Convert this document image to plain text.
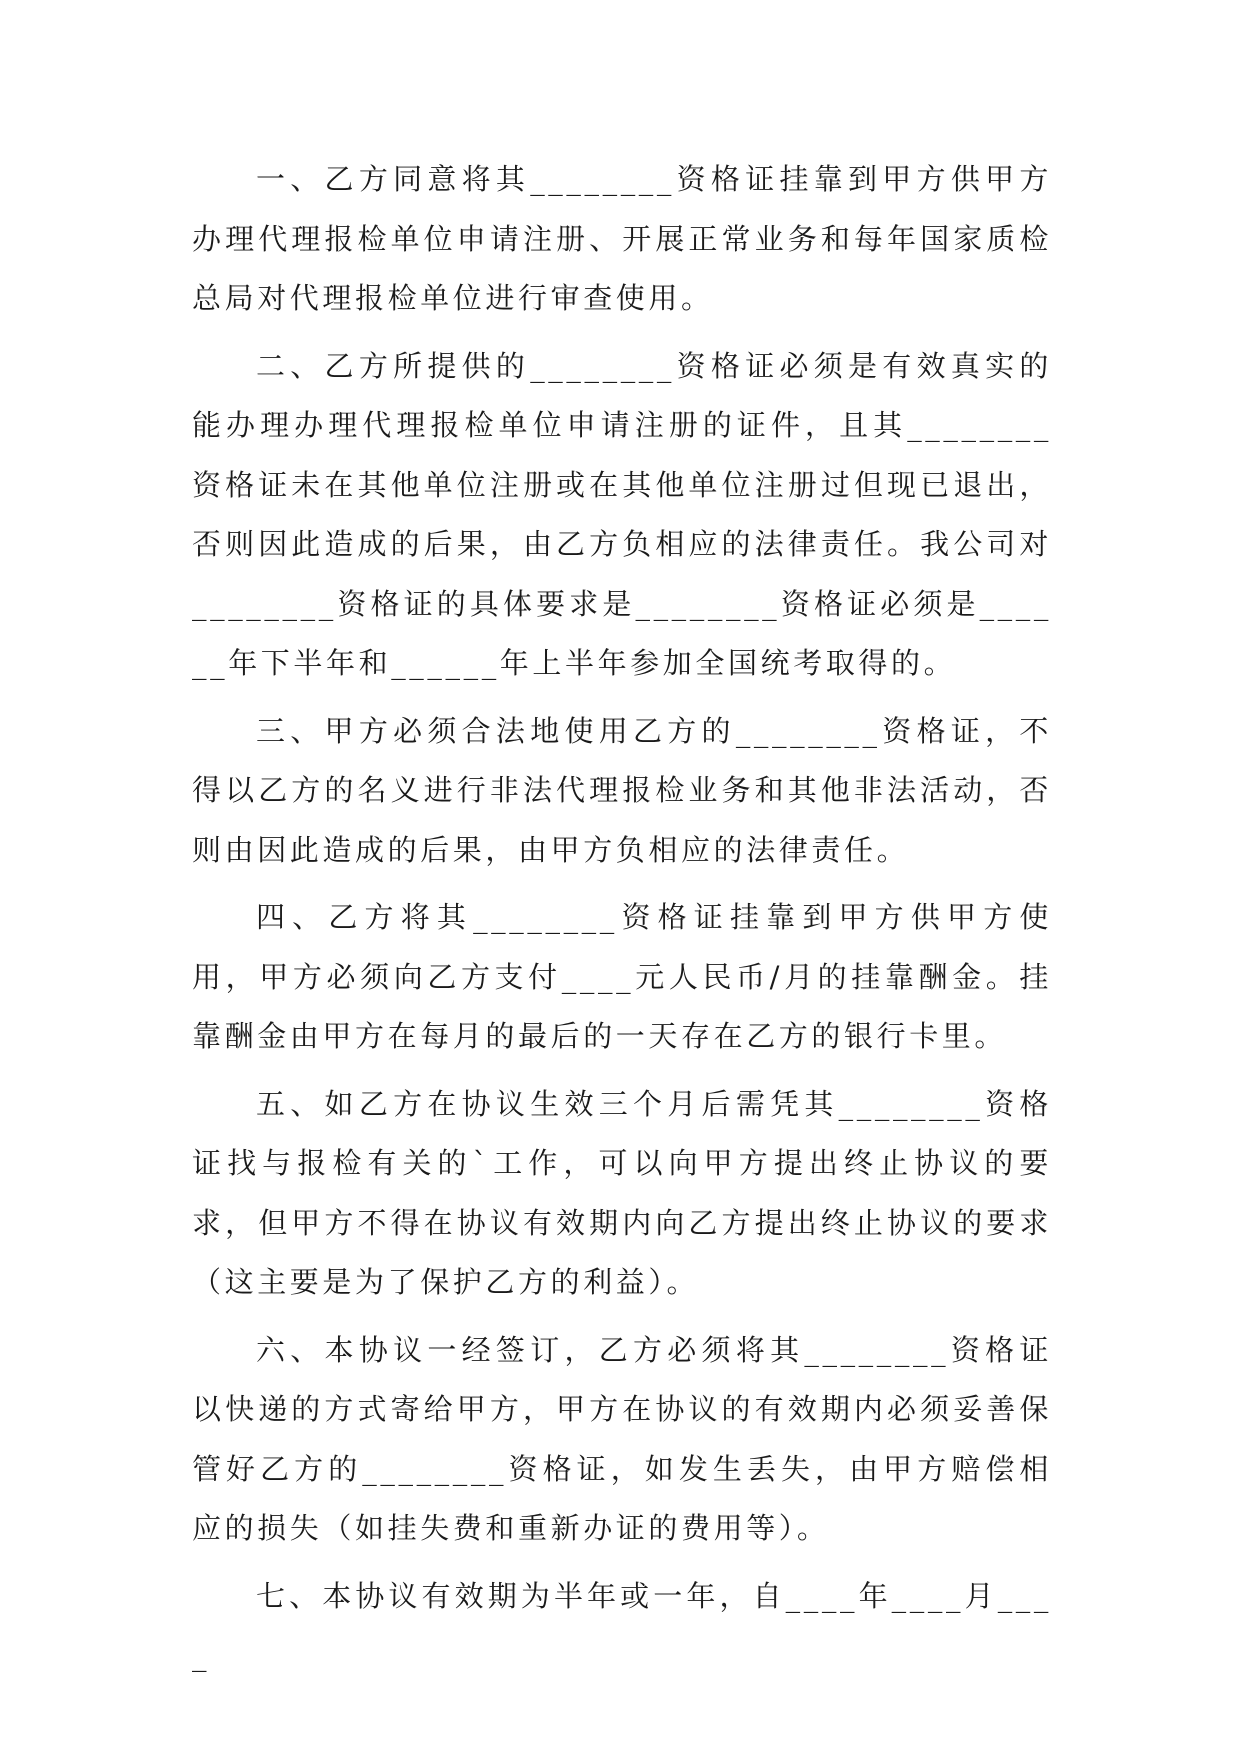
一、乙方同意将其________资格证挂靠到甲方供甲方办理代理报检单位申请注册、开展正常业务和每年国家质检总局对代理报检单位进行审查使用。

二、乙方所提供的________资格证必须是有效真实的能办理办理代理报检单位申请注册的证件，且其________资格证未在其他单位注册或在其他单位注册过但现已退出，否则因此造成的后果，由乙方负相应的法律责任。我公司对________资格证的具体要求是________资格证必须是______年下半年和______年上半年参加全国统考取得的。

三、甲方必须合法地使用乙方的________资格证，不得以乙方的名义进行非法代理报检业务和其他非法活动，否则由因此造成的后果，由甲方负相应的法律责任。

四、乙方将其________资格证挂靠到甲方供甲方使用，甲方必须向乙方支付____元人民币/月的挂靠酬金。挂靠酬金由甲方在每月的最后的一天存在乙方的银行卡里。

五、如乙方在协议生效三个月后需凭其________资格证找与报检有关的`工作，可以向甲方提出终止协议的要求，但甲方不得在协议有效期内向乙方提出终止协议的要求（这主要是为了保护乙方的利益）。

六、本协议一经签订，乙方必须将其________资格证以快递的方式寄给甲方，甲方在协议的有效期内必须妥善保管好乙方的________资格证，如发生丢失，由甲方赔偿相应的损失（如挂失费和重新办证的费用等）。

七、本协议有效期为半年或一年，自____年____月____
